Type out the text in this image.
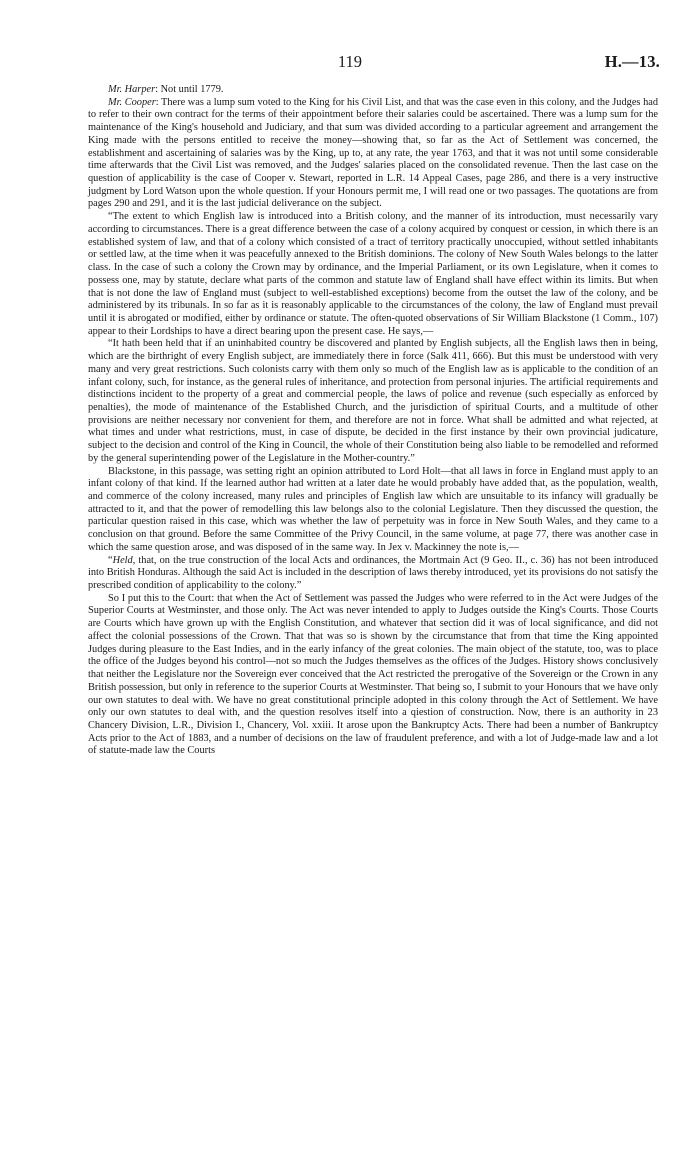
119	H.—13.

Mr. Harper: Not until 1779.

Mr. Cooper: There was a lump sum voted to the King for his Civil List, and that was the case even in this colony, and the Judges had to refer to their own contract for the terms of their appointment before their salaries could be ascertained. There was a lump sum for the maintenance of the King's household and Judiciary, and that sum was divided according to a particular agreement and arrangement the King made with the persons entitled to receive the money—showing that, so far as the Act of Settlement was concerned, the establishment and ascertaining of salaries was by the King, up to, at any rate, the year 1763, and that it was not until some considerable time afterwards that the Civil List was removed, and the Judges' salaries placed on the consolidated revenue. Then the last case on the question of applicability is the case of Cooper v. Stewart, reported in L.R. 14 Appeal Cases, page 286, and there is a very instructive judgment by Lord Watson upon the whole question. If your Honours permit me, I will read one or two passages. The quotations are from pages 290 and 291, and it is the last judicial deliverance on the subject.

“The extent to which English law is introduced into a British colony, and the manner of its introduction, must necessarily vary according to circumstances. There is a great difference between the case of a colony acquired by conquest or cession, in which there is an established system of law, and that of a colony which consisted of a tract of territory practically unoccupied, without settled inhabitants or settled law, at the time when it was peacefully annexed to the British dominions. The colony of New South Wales belongs to the latter class. In the case of such a colony the Crown may by ordinance, and the Imperial Parliament, or its own Legislature, when it comes to possess one, may by statute, declare what parts of the common and statute law of England shall have effect within its limits. But when that is not done the law of England must (subject to well-established exceptions) become from the outset the law of the colony, and be administered by its tribunals. In so far as it is reasonably applicable to the circumstances of the colony, the law of England must prevail until it is abrogated or modified, either by ordinance or statute. The often-quoted observations of Sir William Blackstone (1 Comm., 107) appear to their Lordships to have a direct bearing upon the present case. He says,—

“It hath been held that if an uninhabited country be discovered and planted by English subjects, all the English laws then in being, which are the birthright of every English subject, are immediately there in force (Salk 411, 666). But this must be understood with very many and very great restrictions. Such colonists carry with them only so much of the English law as is applicable to the condition of an infant colony, such, for instance, as the general rules of inheritance, and protection from personal injuries. The artificial requirements and distinctions incident to the property of a great and commercial people, the laws of police and revenue (such especially as enforced by penalties), the mode of maintenance of the Established Church, and the jurisdiction of spiritual Courts, and a multitude of other provisions are neither necessary nor convenient for them, and therefore are not in force. What shall be admitted and what rejected, at what times and under what restrictions, must, in case of dispute, be decided in the first instance by their own provincial judicature, subject to the decision and control of the King in Council, the whole of their Constitution being also liable to be remodelled and reformed by the general superintending power of the Legislature in the Mother-country.”

Blackstone, in this passage, was setting right an opinion attributed to Lord Holt—that all laws in force in England must apply to an infant colony of that kind. If the learned author had written at a later date he would probably have added that, as the population, wealth, and commerce of the colony increased, many rules and principles of English law which are unsuitable to its infancy will gradually be attracted to it, and that the power of remodelling this law belongs also to the colonial Legislature. Then they discussed the question, the particular question raised in this case, which was whether the law of perpetuity was in force in New South Wales, and they came to a conclusion on that ground. Before the same Committee of the Privy Council, in the same volume, at page 77, there was another case in which the same question arose, and was disposed of in the same way. In Jex v. Mackinney the note is,—

“Held, that, on the true construction of the local Acts and ordinances, the Mortmain Act (9 Geo. II., c. 36) has not been introduced into British Honduras. Although the said Act is included in the description of laws thereby introduced, yet its provisions do not satisfy the prescribed condition of applicability to the colony.”

So I put this to the Court: that when the Act of Settlement was passed the Judges who were referred to in the Act were Judges of the Superior Courts at Westminster, and those only. The Act was never intended to apply to Judges outside the King's Courts. Those Courts are Courts which have grown up with the English Constitution, and whatever that section did it was of local significance, and did not affect the colonial possessions of the Crown. That that was so is shown by the circumstance that from that time the King appointed Judges during pleasure to the East Indies, and in the early infancy of the great colonies. The main object of the statute, too, was to place the office of the Judges beyond his control—not so much the Judges themselves as the offices of the Judges. History shows conclusively that neither the Legislature nor the Sovereign ever conceived that the Act restricted the prerogative of the Sovereign or the Crown in any British possession, but only in reference to the superior Courts at Westminster. That being so, I submit to your Honours that we have only our own statutes to deal with. We have no great constitutional principle adopted in this colony through the Act of Settlement. We have only our own statutes to deal with, and the question resolves itself into a qiestion of construction. Now, there is an authority in 23 Chancery Division, L.R., Division I., Chancery, Vol. xxiii. It arose upon the Bankruptcy Acts. There had been a number of Bankruptcy Acts prior to the Act of 1883, and a number of decisions on the law of fraudulent preference, and with a lot of Judge-made law and a lot of statute-made law the Courts
